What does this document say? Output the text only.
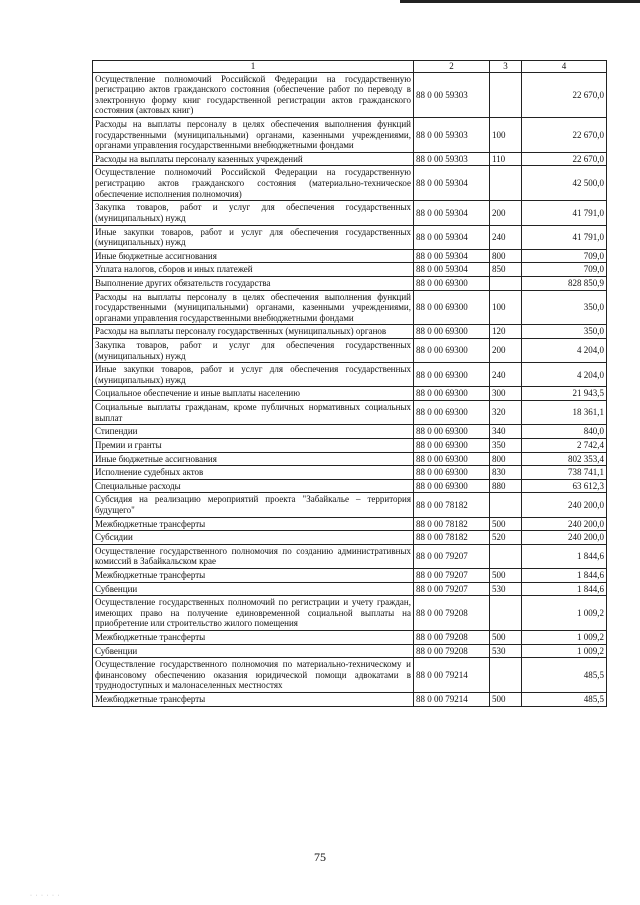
1	2	3	4
Осуществление полномочий Российской Федерации на государственную регистрацию актов гражданского состояния (обеспечение работ по переводу в электронную форму книг государственной регистрации актов гражданского состояния (актовых книг)	88 0 00 59303		22 670,0
Расходы на выплаты персоналу в целях обеспечения выполнения функций государственными (муниципальными) органами, казенными учреждениями, органами управления государственными внебюджетными фондами	88 0 00 59303	100	22 670,0
Расходы на выплаты персоналу казенных учреждений	88 0 00 59303	110	22 670,0
Осуществление полномочий Российской Федерации на государственную регистрацию актов гражданского состояния (материально-техническое обеспечение исполнения полномочия)	88 0 00 59304		42 500,0
Закупка товаров, работ и услуг для обеспечения государственных (муниципальных) нужд	88 0 00 59304	200	41 791,0
Иные закупки товаров, работ и услуг для обеспечения государственных (муниципальных) нужд	88 0 00 59304	240	41 791,0
Иные бюджетные ассигнования	88 0 00 59304	800	709,0
Уплата налогов, сборов и иных платежей	88 0 00 59304	850	709,0
Выполнение других обязательств государства	88 0 00 69300		828 850,9
Расходы на выплаты персоналу в целях обеспечения выполнения функций государственными (муниципальными) органами, казенными учреждениями, органами управления государственными внебюджетными фондами	88 0 00 69300	100	350,0
Расходы на выплаты персоналу государственных (муниципальных) органов	88 0 00 69300	120	350,0
Закупка товаров, работ и услуг для обеспечения государственных (муниципальных) нужд	88 0 00 69300	200	4 204,0
Иные закупки товаров, работ и услуг для обеспечения государственных (муниципальных) нужд	88 0 00 69300	240	4 204,0
Социальное обеспечение и иные выплаты населению	88 0 00 69300	300	21 943,5
Социальные выплаты гражданам, кроме публичных нормативных социальных выплат	88 0 00 69300	320	18 361,1
Стипендии	88 0 00 69300	340	840,0
Премии и гранты	88 0 00 69300	350	2 742,4
Иные бюджетные ассигнования	88 0 00 69300	800	802 353,4
Исполнение судебных актов	88 0 00 69300	830	738 741,1
Специальные расходы	88 0 00 69300	880	63 612,3
Субсидия на реализацию мероприятий проекта "Забайкалье – территория будущего"	88 0 00 78182		240 200,0
Межбюджетные трансферты	88 0 00 78182	500	240 200,0
Субсидии	88 0 00 78182	520	240 200,0
Осуществление государственного полномочия по созданию административных комиссий в Забайкальском крае	88 0 00 79207		1 844,6
Межбюджетные трансферты	88 0 00 79207	500	1 844,6
Субвенции	88 0 00 79207	530	1 844,6
Осуществление государственных полномочий по регистрации и учету граждан, имеющих право на получение единовременной социальной выплаты на приобретение или строительство жилого помещения	88 0 00 79208		1 009,2
Межбюджетные трансферты	88 0 00 79208	500	1 009,2
Субвенции	88 0 00 79208	530	1 009,2
Осуществление государственного полномочия по материально-техническому и финансовому обеспечению оказания юридической помощи адвокатами в труднодоступных и малонаселенных местностях	88 0 00 79214		485,5
Межбюджетные трансферты	88 0 00 79214	500	485,5
75
· · · · · ·
